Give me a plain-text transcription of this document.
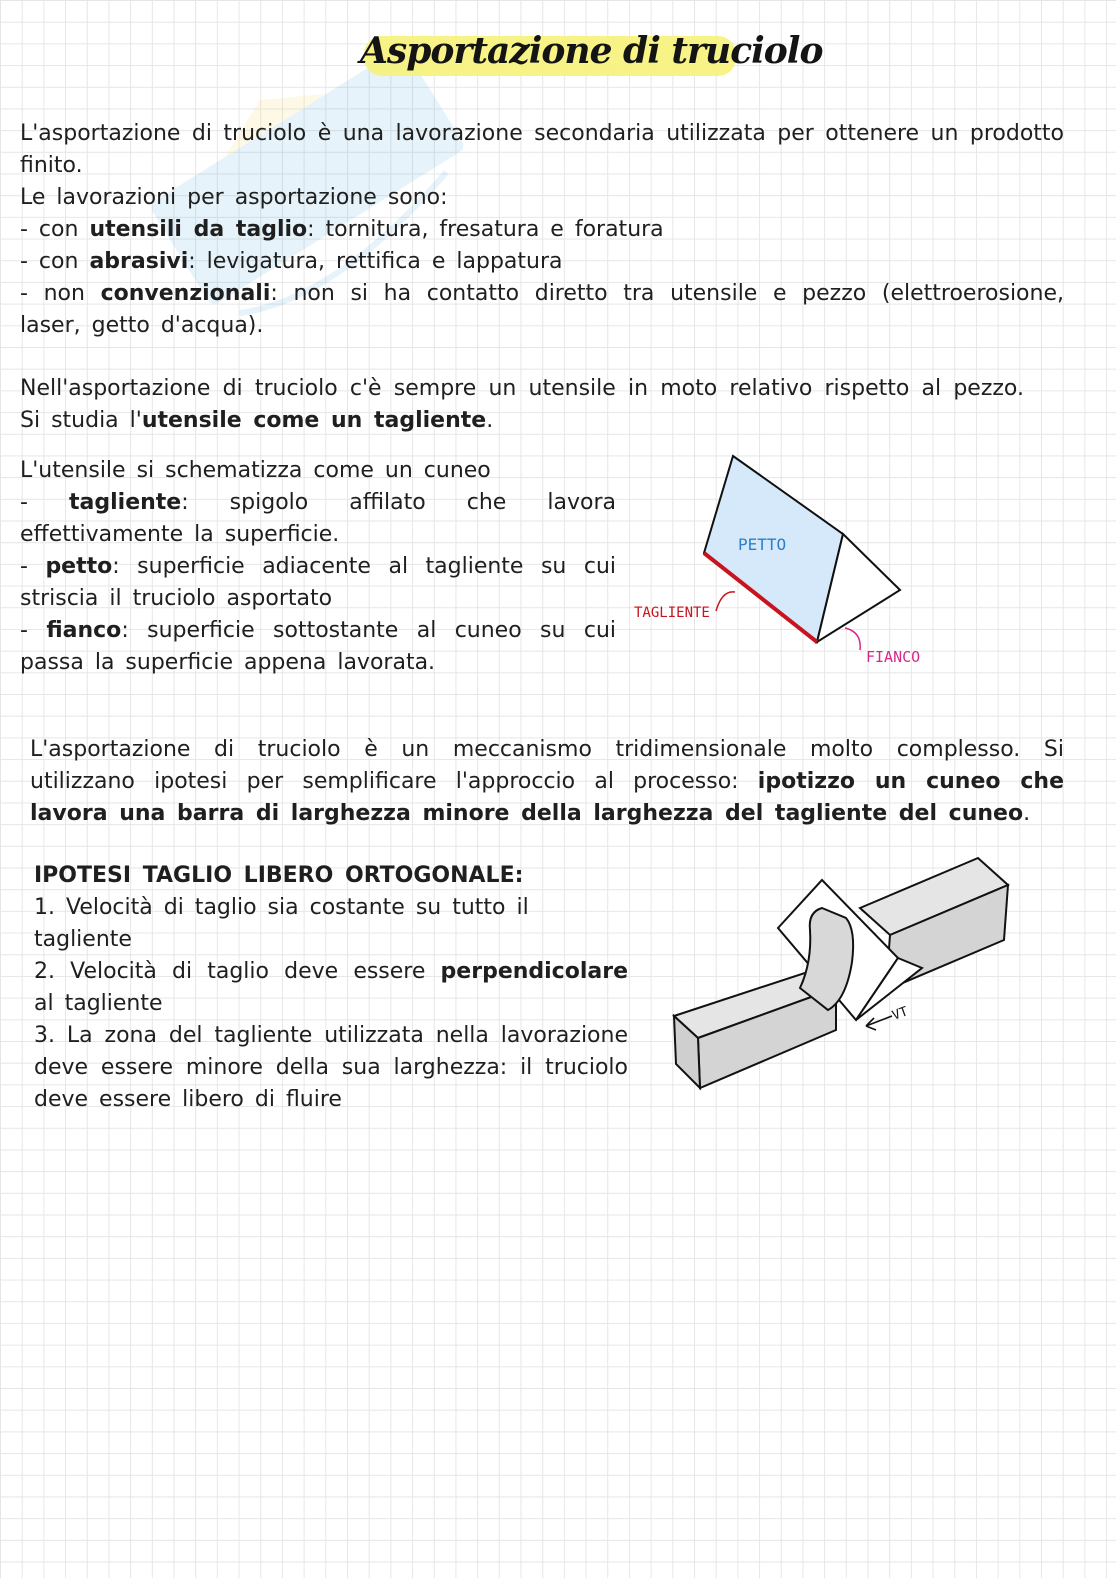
Asportazione di truciolo

L'asportazione di truciolo è una lavorazione secondaria utilizzata per ottenere un prodotto finito.

Le lavorazioni per asportazione sono:

- con utensili da taglio: tornitura, fresatura e foratura

- con abrasivi: levigatura, rettifica e lappatura

- non convenzionali: non si ha contatto diretto tra utensile e pezzo (elettroerosione, laser, getto d'acqua).

Nell'asportazione di truciolo c'è sempre un utensile in moto relativo rispetto al pezzo. Si studia l'utensile come un tagliente.

L'utensile si schematizza come un cuneo

- tagliente: spigolo affilato che lavora effettivamente la superficie.

- petto: superficie adiacente al tagliente su cui striscia il truciolo asportato

- fianco: superficie sottostante al cuneo su cui passa la superficie appena lavorata.

PETTO
TAGLIENTE
FIANCO
L'asportazione di truciolo è un meccanismo tridimensionale molto complesso. Si utilizzano ipotesi per semplificare l'approccio al processo: ipotizzo un cuneo che lavora una barra di larghezza minore della larghezza del tagliente del cuneo.

IPOTESI TAGLIO LIBERO ORTOGONALE:

1. Velocità di taglio sia costante su tutto il tagliente

2. Velocità di taglio deve essere perpendicolare al tagliente

3. La zona del tagliente utilizzata nella lavorazione deve essere minore della sua larghezza: il truciolo deve essere libero di fluire

VT
